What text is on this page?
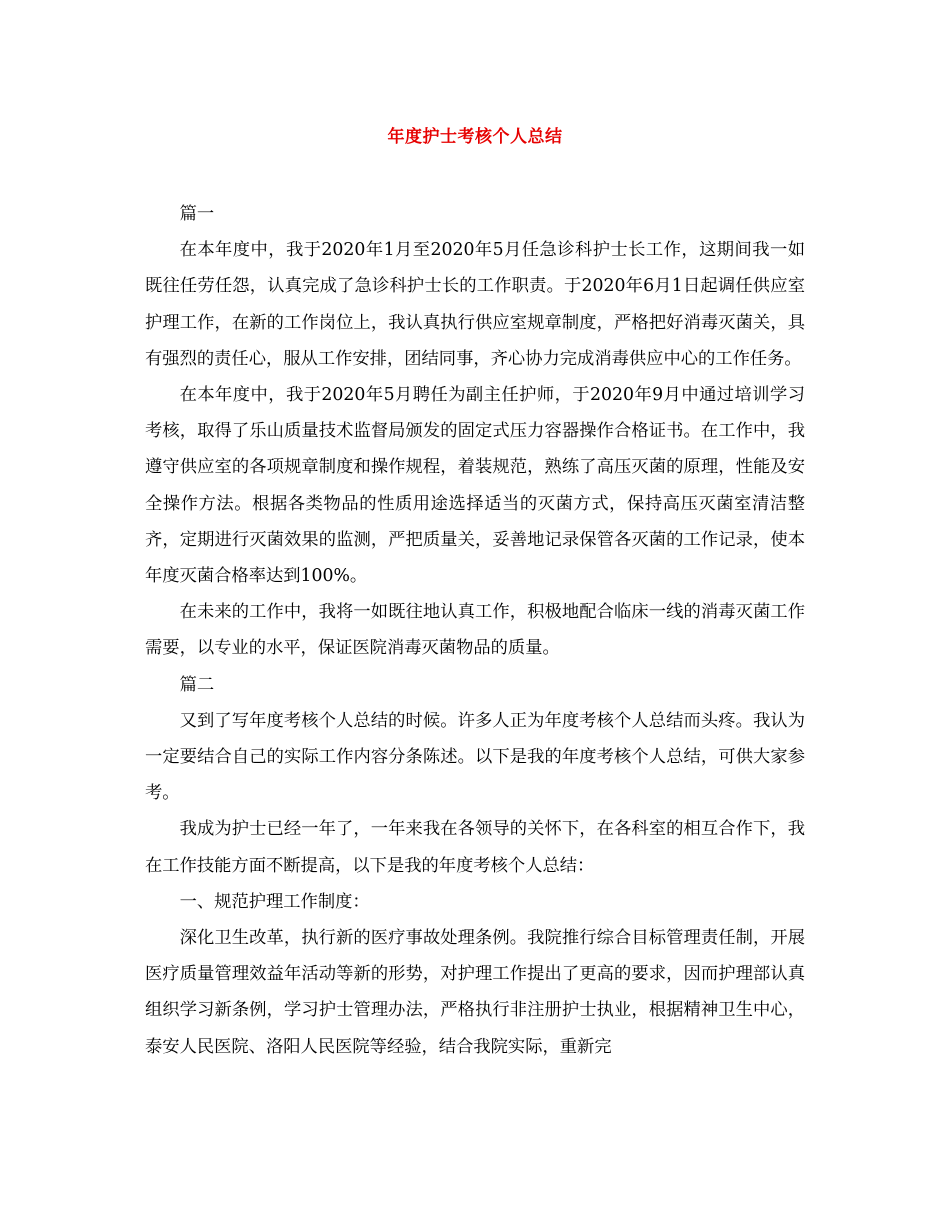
年度护士考核个人总结

篇一

在本年度中，我于2020年1月至2020年5月任急诊科护士长工作，这期间我一如既往任劳任怨，认真完成了急诊科护士长的工作职责。于2020年6月1日起调任供应室护理工作，在新的工作岗位上，我认真执行供应室规章制度，严格把好消毒灭菌关，具有强烈的责任心，服从工作安排，团结同事，齐心协力完成消毒供应中心的工作任务。

在本年度中，我于2020年5月聘任为副主任护师，于2020年9月中通过培训学习考核，取得了乐山质量技术监督局颁发的固定式压力容器操作合格证书。在工作中，我遵守供应室的各项规章制度和操作规程，着装规范，熟练了高压灭菌的原理，性能及安全操作方法。根据各类物品的性质用途选择适当的灭菌方式，保持高压灭菌室清洁整齐，定期进行灭菌效果的监测，严把质量关，妥善地记录保管各灭菌的工作记录，使本年度灭菌合格率达到100%。

在未来的工作中，我将一如既往地认真工作，积极地配合临床一线的消毒灭菌工作需要，以专业的水平，保证医院消毒灭菌物品的质量。

篇二

又到了写年度考核个人总结的时候。许多人正为年度考核个人总结而头疼。我认为一定要结合自己的实际工作内容分条陈述。以下是我的年度考核个人总结，可供大家参考。

我成为护士已经一年了，一年来我在各领导的关怀下，在各科室的相互合作下，我在工作技能方面不断提高，以下是我的年度考核个人总结：

一、规范护理工作制度：

深化卫生改革，执行新的医疗事故处理条例。我院推行综合目标管理责任制，开展医疗质量管理效益年活动等新的形势，对护理工作提出了更高的要求，因而护理部认真组织学习新条例，学习护士管理办法，严格执行非注册护士执业，根据精神卫生中心，泰安人民医院、洛阳人民医院等经验，结合我院实际，重新完
